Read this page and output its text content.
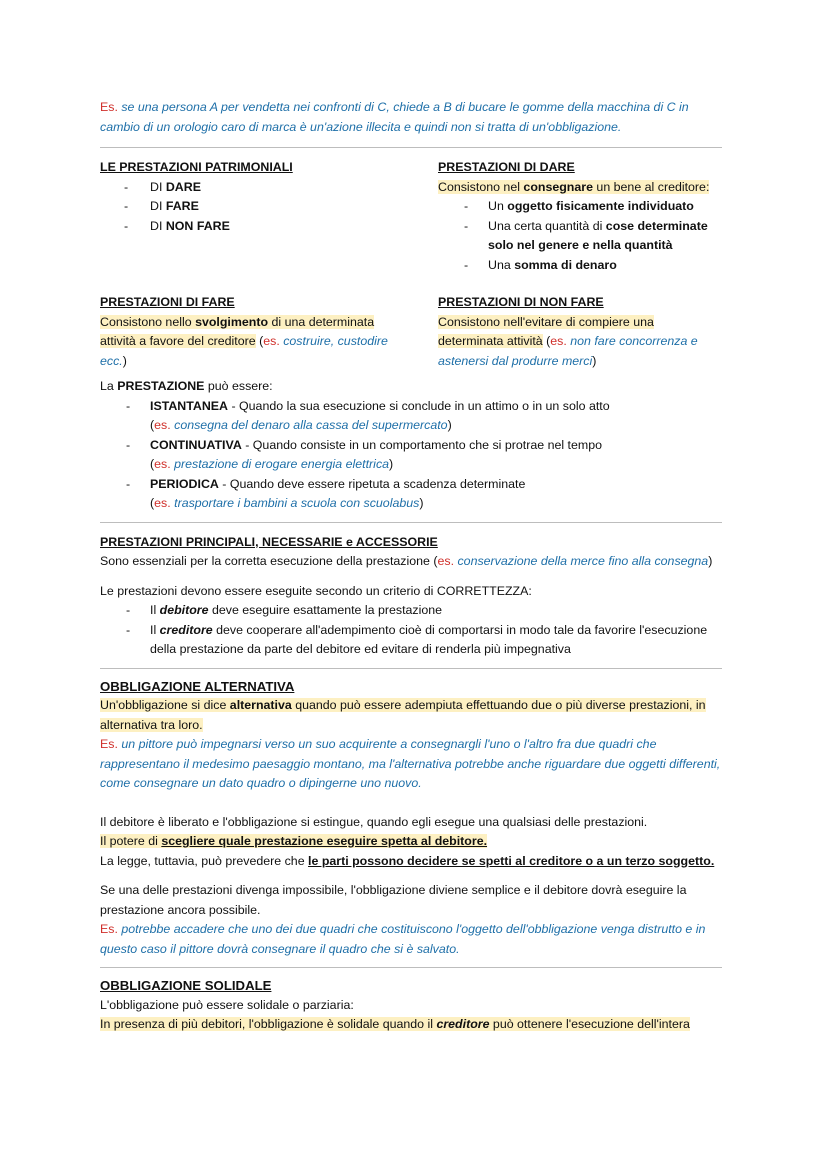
Es. se una persona A per vendetta nei confronti di C, chiede a B di bucare le gomme della macchina di C in cambio di un orologio caro di marca è un'azione illecita e quindi non si tratta di un'obbligazione.

LE PRESTAZIONI PATRIMONIALI
- DI DARE
- DI FARE
- DI NON FARE
PRESTAZIONI DI DARE
Consistono nel consegnare un bene al creditore:
- Un oggetto fisicamente individuato
- Una certa quantità di cose determinate solo nel genere e nella quantità
- Una somma di denaro
PRESTAZIONI DI FARE
Consistono nello svolgimento di una determinata attività a favore del creditore (es. costruire, custodire ecc.)
PRESTAZIONI DI NON FARE
Consistono nell'evitare di compiere una determinata attività (es. non fare concorrenza e astenersi dal produrre merci)
La PRESTAZIONE può essere:
- ISTANTANEA - Quando la sua esecuzione si conclude in un attimo o in un solo atto
(es. consegna del denaro alla cassa del supermercato)
- CONTINUATIVA - Quando consiste in un comportamento che si protrae nel tempo
(es. prestazione di erogare energia elettrica)
- PERIODICA - Quando deve essere ripetuta a scadenza determinate
(es. trasportare i bambini a scuola con scuolabus)
PRESTAZIONI PRINCIPALI, NECESSARIE e ACCESSORIE
Sono essenziali per la corretta esecuzione della prestazione (es. conservazione della merce fino alla consegna)
Le prestazioni devono essere eseguite secondo un criterio di CORRETTEZZA:
- Il debitore deve eseguire esattamente la prestazione
- Il creditore deve cooperare all'adempimento cioè di comportarsi in modo tale da favorire l'esecuzione della prestazione da parte del debitore ed evitare di renderla più impegnativa
OBBLIGAZIONE ALTERNATIVA
Un'obbligazione si dice alternativa quando può essere adempiuta effettuando due o più diverse prestazioni, in alternativa tra loro.
Es. un pittore può impegnarsi verso un suo acquirente a consegnargli l'uno o l'altro fra due quadri che rappresentano il medesimo paesaggio montano, ma l'alternativa potrebbe anche riguardare due oggetti differenti, come consegnare un dato quadro o dipingerne uno nuovo.
Il debitore è liberato e l'obbligazione si estingue, quando egli esegue una qualsiasi delle prestazioni.
Il potere di scegliere quale prestazione eseguire spetta al debitore.
La legge, tuttavia, può prevedere che le parti possono decidere se spetti al creditore o a un terzo soggetto.
Se una delle prestazioni divenga impossibile, l'obbligazione diviene semplice e il debitore dovrà eseguire la prestazione ancora possibile.
Es. potrebbe accadere che uno dei due quadri che costituiscono l'oggetto dell'obbligazione venga distrutto e in questo caso il pittore dovrà consegnare il quadro che si è salvato.
OBBLIGAZIONE SOLIDALE
L'obbligazione può essere solidale o parziaria:
In presenza di più debitori, l'obbligazione è solidale quando il creditore può ottenere l'esecuzione dell'intera
